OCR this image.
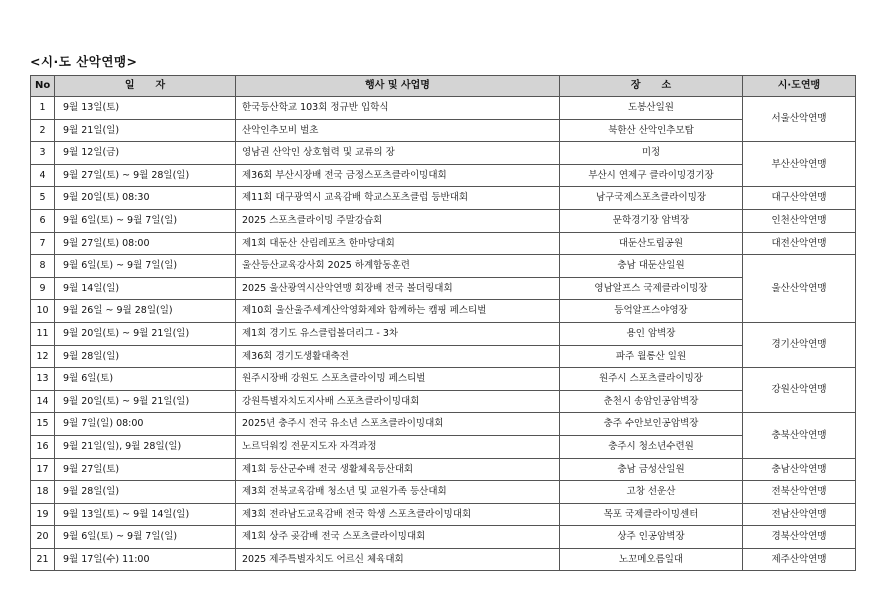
<시·도 산악연맹>
No	일      자	행사 및 사업명	장      소	시·도연맹
1	9월 13일(토)	한국등산학교 103회 정규반 입학식	도봉산일원	서울산악연맹
2	9월 21일(일)	산악인추모비 벌초	북한산 산악인추모탑	
3	9월 12일(금)	영남권 산악인 상호협력 및 교류의 장	미정	부산산악연맹
4	9월 27일(토) ~ 9월 28일(일)	제36회 부산시장배 전국 금정스포츠클라이밍대회	부산시 연제구 클라이밍경기장	
5	9월 20일(토) 08:30	제11회 대구광역시 교육감배 학교스포츠클럽 등반대회	남구국제스포츠클라이밍장	대구산악연맹
6	9월 6일(토) ~ 9월 7일(일)	2025 스포츠클라이밍 주말강습회	문학경기장 암벽장	인천산악연맹
7	9월 27일(토) 08:00	제1회 대둔산 산림레포츠 한마당대회	대둔산도립공원	대전산악연맹
8	9월 6일(토) ~ 9월 7일(일)	울산등산교육강사회 2025 하계합동훈련	충남 대둔산일원	울산산악연맹
9	9월 14일(일)	2025 울산광역시산악연맹 회장배 전국 볼더링대회	영남알프스 국제클라이밍장	
10	9월 26일 ~ 9월 28일(일)	제10회 울산울주세계산악영화제와 함께하는 캠핑 페스티벌	등억알프스야영장	
11	9월 20일(토) ~ 9월 21일(일)	제1회 경기도 유스클럽볼더리그 - 3차	용인 암벽장	경기산악연맹
12	9월 28일(일)	제36회 경기도생활대축전	파주 월롱산 일원	
13	9월 6일(토)	원주시장배 강원도 스포츠클라이밍 페스티벌	원주시 스포츠클라이밍장	강원산악연맹
14	9월 20일(토) ~ 9월 21일(일)	강원특별자치도지사배 스포츠클라이밍대회	춘천시 송암인공암벽장	
15	9월 7일(일) 08:00	2025년 충주시 전국 유소년 스포츠클라이밍대회	충주 수안보인공암벽장	충북산악연맹
16	9월 21일(일), 9월 28일(일)	노르딕워킹 전문지도자 자격과정	충주시 청소년수련원	
17	9월 27일(토)	제1회 등산군수배 전국 생활체육등산대회	충남 금성산일원	충남산악연맹
18	9월 28일(일)	제3회 전북교육감배 청소년 및 교원가족 등산대회	고창 선운산	전북산악연맹
19	9월 13일(토) ~ 9월 14일(일)	제3회 전라남도교육감배 전국 학생 스포츠클라이밍대회	목포 국제클라이밍센터	전남산악연맹
20	9월 6일(토) ~ 9월 7일(일)	제1회 상주 곶감배 전국 스포츠클라이밍대회	상주 인공암벽장	경북산악연맹
21	9월 17일(수) 11:00	2025 제주특별자치도 어르신 체육대회	노꼬메오름일대	제주산악연맹
